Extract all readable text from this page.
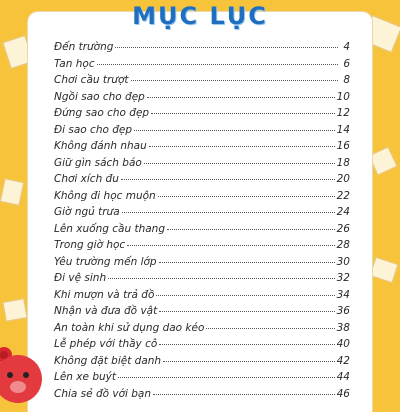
MỤC LỤC
Đến trường	4
Tan học	6
Chơi cầu trượt	8
Ngồi sao cho đẹp	10
Đứng sao cho đẹp	12
Đi sao cho đẹp	14
Không đánh nhau	16
Giữ gìn sách báo	18
Chơi xích đu	20
Không đi học muộn	22
Giờ ngủ trưa	24
Lên xuống cầu thang	26
Trong giờ học	28
Yêu trường mến lớp	30
Đi vệ sinh	32
Khi mượn và trả đồ	34
Nhận và đưa đồ vật	36
An toàn khi sử dụng dao kéo	38
Lễ phép với thầy cô	40
Không đặt biệt danh	42
Lên xe buýt	44
Chia sẻ đồ với bạn	46
